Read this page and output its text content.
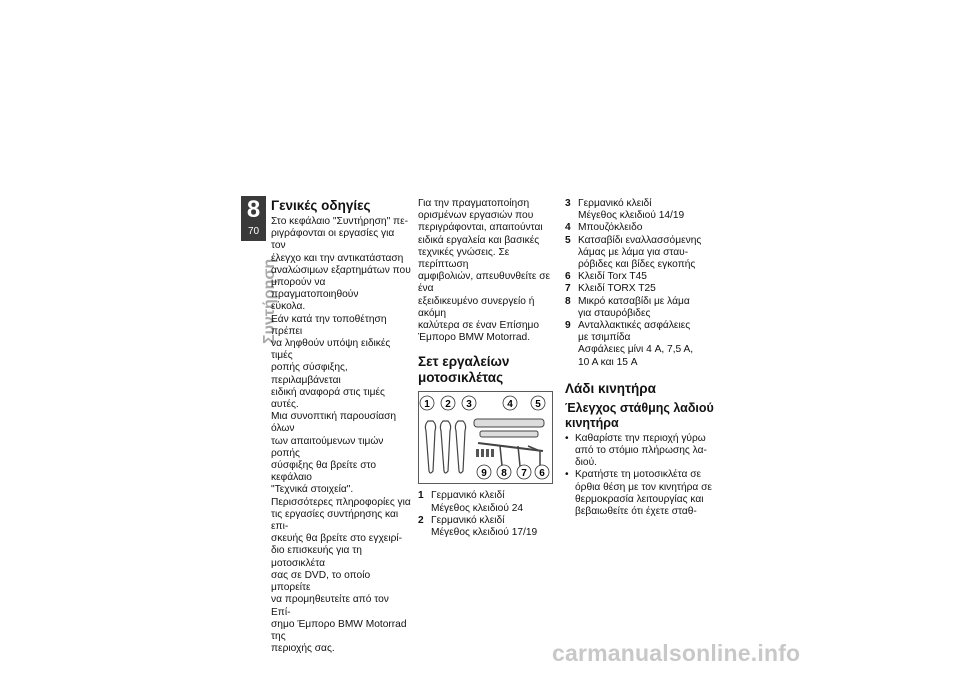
8
70
Συντήρηση
Γενικές οδηγίες

Στο κεφάλαιο "Συντήρηση" πε-

ριγράφονται οι εργασίες για τον

έλεγχο και την αντικατάσταση

αναλώσιμων εξαρτημάτων που

μπορούν να πραγματοποιηθούν

εύκολα.

Εάν κατά την τοποθέτηση πρέπει

να ληφθούν υπόψη ειδικές τιμές

ροπής σύσφιξης, περιλαμβάνεται

ειδική αναφορά στις τιμές αυτές.

Μια συνοπτική παρουσίαση όλων

των απαιτούμενων τιμών ροπής

σύσφιξης θα βρείτε στο κεφάλαιο

"Τεχνικά στοιχεία".

Περισσότερες πληροφορίες για

τις εργασίες συντήρησης και επι-

σκευής θα βρείτε στο εγχειρί-

διο επισκευής για τη μοτοσικλέτα

σας σε DVD, το οποίο μπορείτε

να προμηθευτείτε από τον Επί-

σημο Έμπορο BMW Motorrad της

περιοχής σας.

Για την πραγματοποίηση

ορισμένων εργασιών που

περιγράφονται, απαιτούνται

ειδικά εργαλεία και βασικές

τεχνικές γνώσεις. Σε περίπτωση

αμφιβολιών, απευθυνθείτε σε ένα

εξειδικευμένο συνεργείο ή ακόμη

καλύτερα σε έναν Επίσημο

Έμπορο BMW Motorrad.

Σετ εργαλείων
μοτοσικλέτας
1 2 3	4 5
6
7
8
9
1 Γερμανικό κλειδί
Μέγεθος κλειδιού 24
2 Γερμανικό κλειδί
Μέγεθος κλειδιού 17/19
3 Γερμανικό κλειδί
Μέγεθος κλειδιού 14/19
4 Μπουζόκλειδο
5 Κατσαβίδι εναλλασσόμενης
λάμας με λάμα για σταυ-
ρόβιδες και βίδες εγκοπής
6 Κλειδί Torx T45
7 Κλειδί TORX T25
8 Μικρό κατσαβίδι με λάμα
για σταυρόβιδες
9 Ανταλλακτικές ασφάλειες
με τσιμπίδα
Ασφάλειες μίνι 4 A, 7,5 A,
10 A και 15 A
Λάδι κινητήρα
Έλεγχος στάθμης λαδιού
κινητήρα
• Καθαρίστε την περιοχή γύρω
από το στόμιο πλήρωσης λα-
διού.
• Κρατήστε τη μοτοσικλέτα σε
όρθια θέση με τον κινητήρα σε
θερμοκρασία λειτουργίας και
βεβαιωθείτε ότι έχετε σταθ-
carmanualsonline.info
